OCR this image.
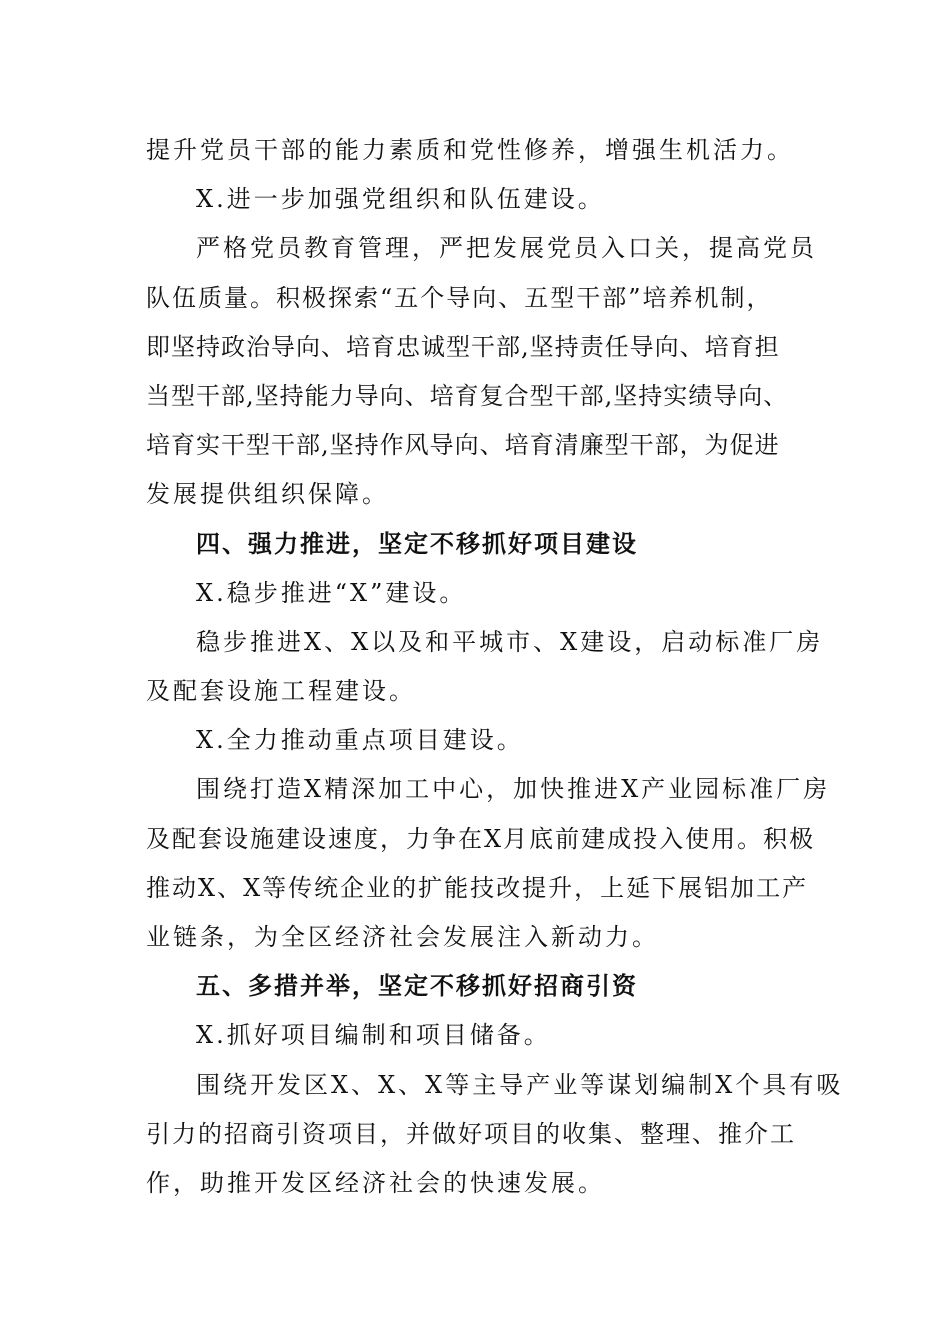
提升党员干部的能力素质和党性修养，增强生机活力。
X.进一步加强党组织和队伍建设。
严格党员教育管理，严把发展党员入口关，提高党员
队伍质量。积极探索“五个导向、五型干部”培养机制，
即坚持政治导向、培育忠诚型干部,坚持责任导向、培育担
当型干部,坚持能力导向、培育复合型干部,坚持实绩导向、
培育实干型干部,坚持作风导向、培育清廉型干部，为促进
发展提供组织保障。
四、强力推进，坚定不移抓好项目建设
X.稳步推进“X”建设。
稳步推进X、X以及和平城市、X建设，启动标准厂房
及配套设施工程建设。
X.全力推动重点项目建设。
围绕打造X精深加工中心，加快推进X产业园标准厂房
及配套设施建设速度，力争在X月底前建成投入使用。积极
推动X、X等传统企业的扩能技改提升，上延下展铝加工产
业链条，为全区经济社会发展注入新动力。
五、多措并举，坚定不移抓好招商引资
X.抓好项目编制和项目储备。
围绕开发区X、X、X等主导产业等谋划编制X个具有吸
引力的招商引资项目，并做好项目的收集、整理、推介工
作，助推开发区经济社会的快速发展。
